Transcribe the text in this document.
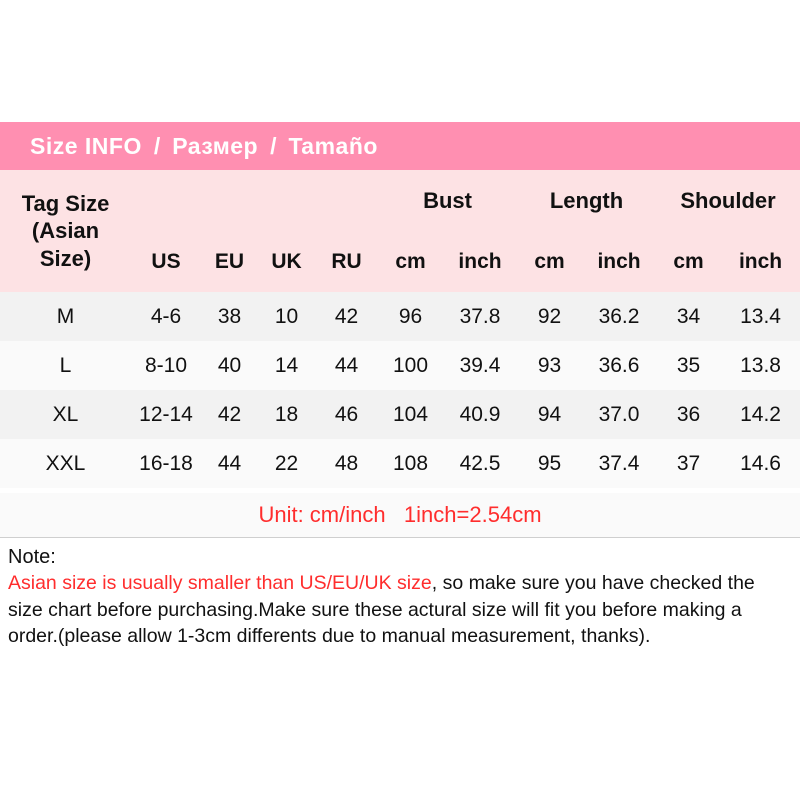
Size INFO / Размер / Tamaño
Tag Size
(Asian
Size)					Bust		Length		Shoulder	
	US	EU	UK	RU	cm	inch	cm	inch	cm	inch
M	4-6	38	10	42	96	37.8	92	36.2	34	13.4
L	8-10	40	14	44	100	39.4	93	36.6	35	13.8
XL	12-14	42	18	46	104	40.9	94	37.0	36	14.2
XXL	16-18	44	22	48	108	42.5	95	37.4	37	14.6
Unit: cm/inch   1inch=2.54cm
Note:
Asian size is usually smaller than US/EU/UK size, so make sure you have checked the size chart before purchasing.Make sure these actural size will fit you before making a order.(please allow 1-3cm differents due to manual measurement, thanks).
